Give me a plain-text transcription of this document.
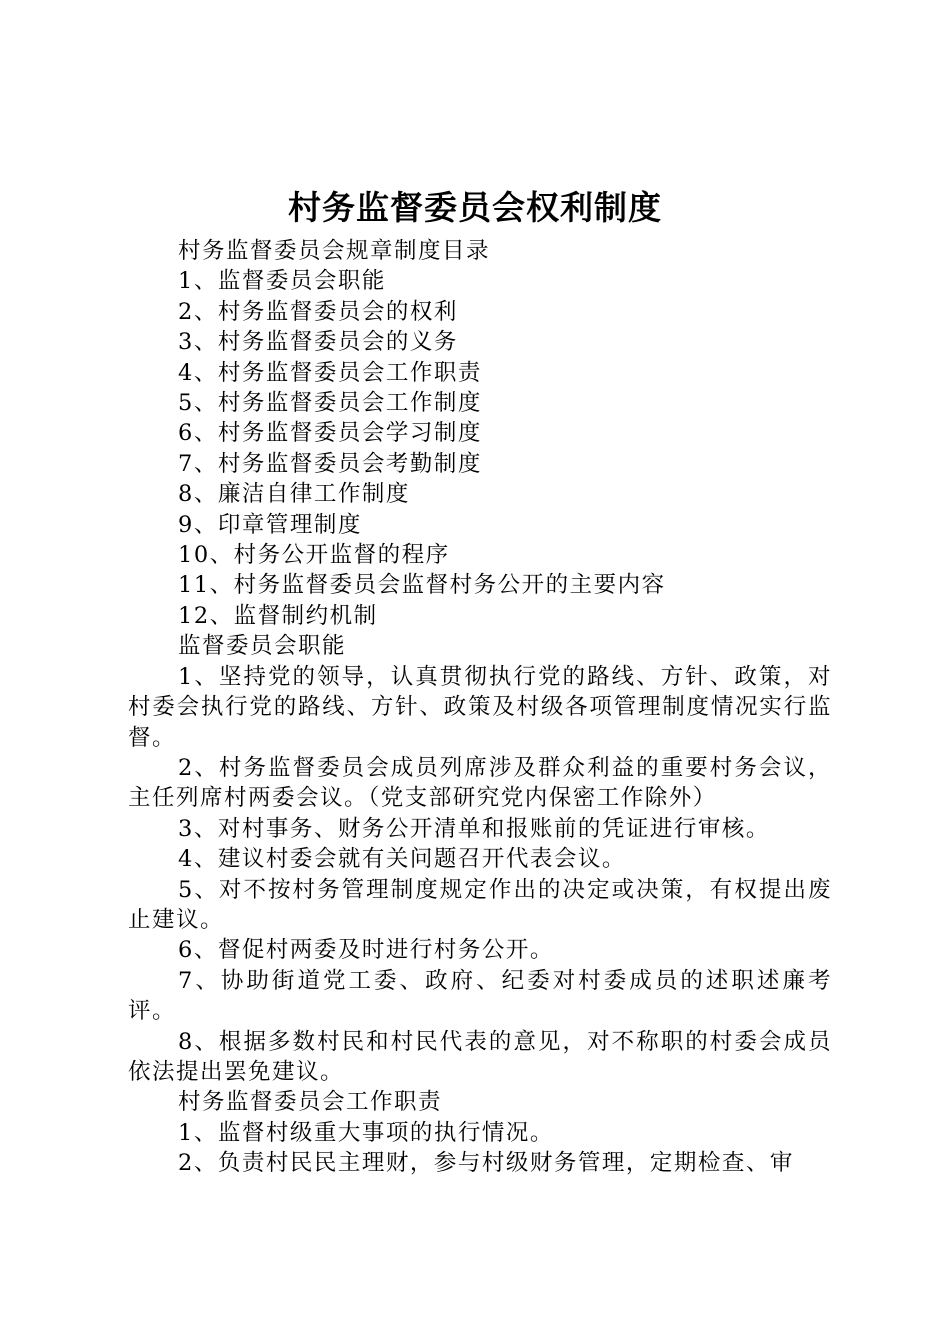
村务监督委员会权利制度

村务监督委员会规章制度目录

1、监督委员会职能

2、村务监督委员会的权利

3、村务监督委员会的义务

4、村务监督委员会工作职责

5、村务监督委员会工作制度

6、村务监督委员会学习制度

7、村务监督委员会考勤制度

8、廉洁自律工作制度

9、印章管理制度

10、村务公开监督的程序

11、村务监督委员会监督村务公开的主要内容

12、监督制约机制

监督委员会职能

1、坚持党的领导，认真贯彻执行党的路线、方针、政策，对村委会执行党的路线、方针、政策及村级各项管理制度情况实行监督。

2、村务监督委员会成员列席涉及群众利益的重要村务会议，主任列席村两委会议。（党支部研究党内保密工作除外）

3、对村事务、财务公开清单和报账前的凭证进行审核。

4、建议村委会就有关问题召开代表会议。

5、对不按村务管理制度规定作出的决定或决策，有权提出废止建议。

6、督促村两委及时进行村务公开。

7、协助街道党工委、政府、纪委对村委成员的述职述廉考评。

8、根据多数村民和村民代表的意见，对不称职的村委会成员依法提出罢免建议。

村务监督委员会工作职责

1、监督村级重大事项的执行情况。

2、负责村民民主理财，参与村级财务管理，定期检查、审
